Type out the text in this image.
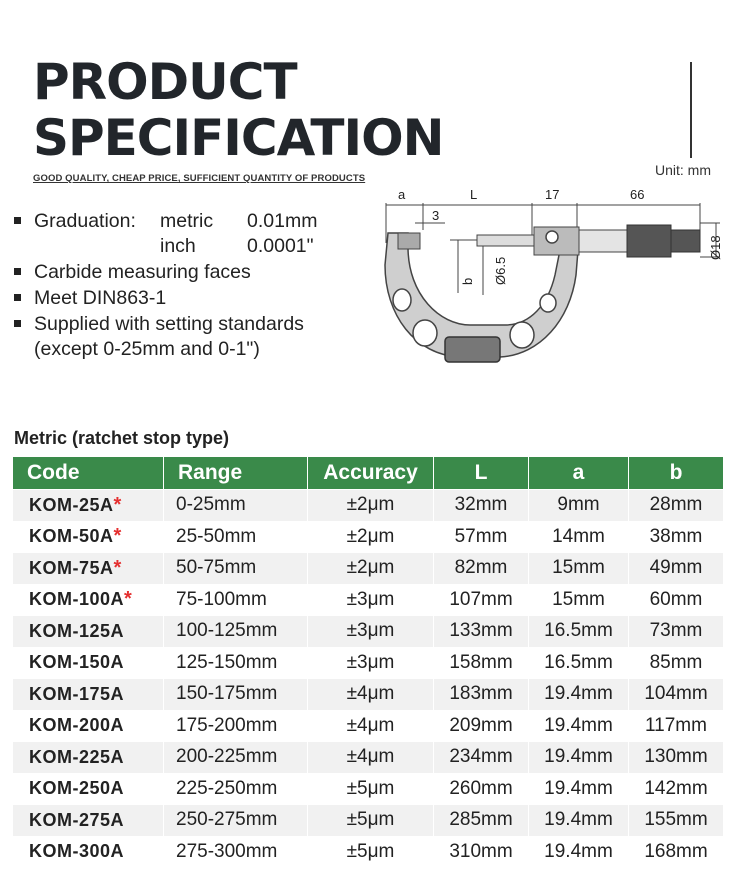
PRODUCT
SPECIFICATION
GOOD QUALITY, CHEAP PRICE, SUFFICIENT QUANTITY OF PRODUCTS
Unit: mm
Graduation: metric 0.01mm
inch	0.0001"
Carbide measuring faces
Meet DIN863-1
Supplied with setting standards
(except 0-25mm and 0-1")
a	L	17	66
3
b Ø6.5
Ø18
Metric (ratchet stop type)
Code	Range	Accuracy	L	a	b
KOM-25A*	0-25mm	±2μm	32mm	9mm	28mm
KOM-50A*	25-50mm	±2μm	57mm	14mm	38mm
KOM-75A*	50-75mm	±2μm	82mm	15mm	49mm
KOM-100A*	75-100mm	±3μm	107mm	15mm	60mm
KOM-125A	100-125mm	±3μm	133mm	16.5mm	73mm
KOM-150A	125-150mm	±3μm	158mm	16.5mm	85mm
KOM-175A	150-175mm	±4μm	183mm	19.4mm	104mm
KOM-200A	175-200mm	±4μm	209mm	19.4mm	117mm
KOM-225A	200-225mm	±4μm	234mm	19.4mm	130mm
KOM-250A	225-250mm	±5μm	260mm	19.4mm	142mm
KOM-275A	250-275mm	±5μm	285mm	19.4mm	155mm
KOM-300A	275-300mm	±5μm	310mm	19.4mm	168mm
